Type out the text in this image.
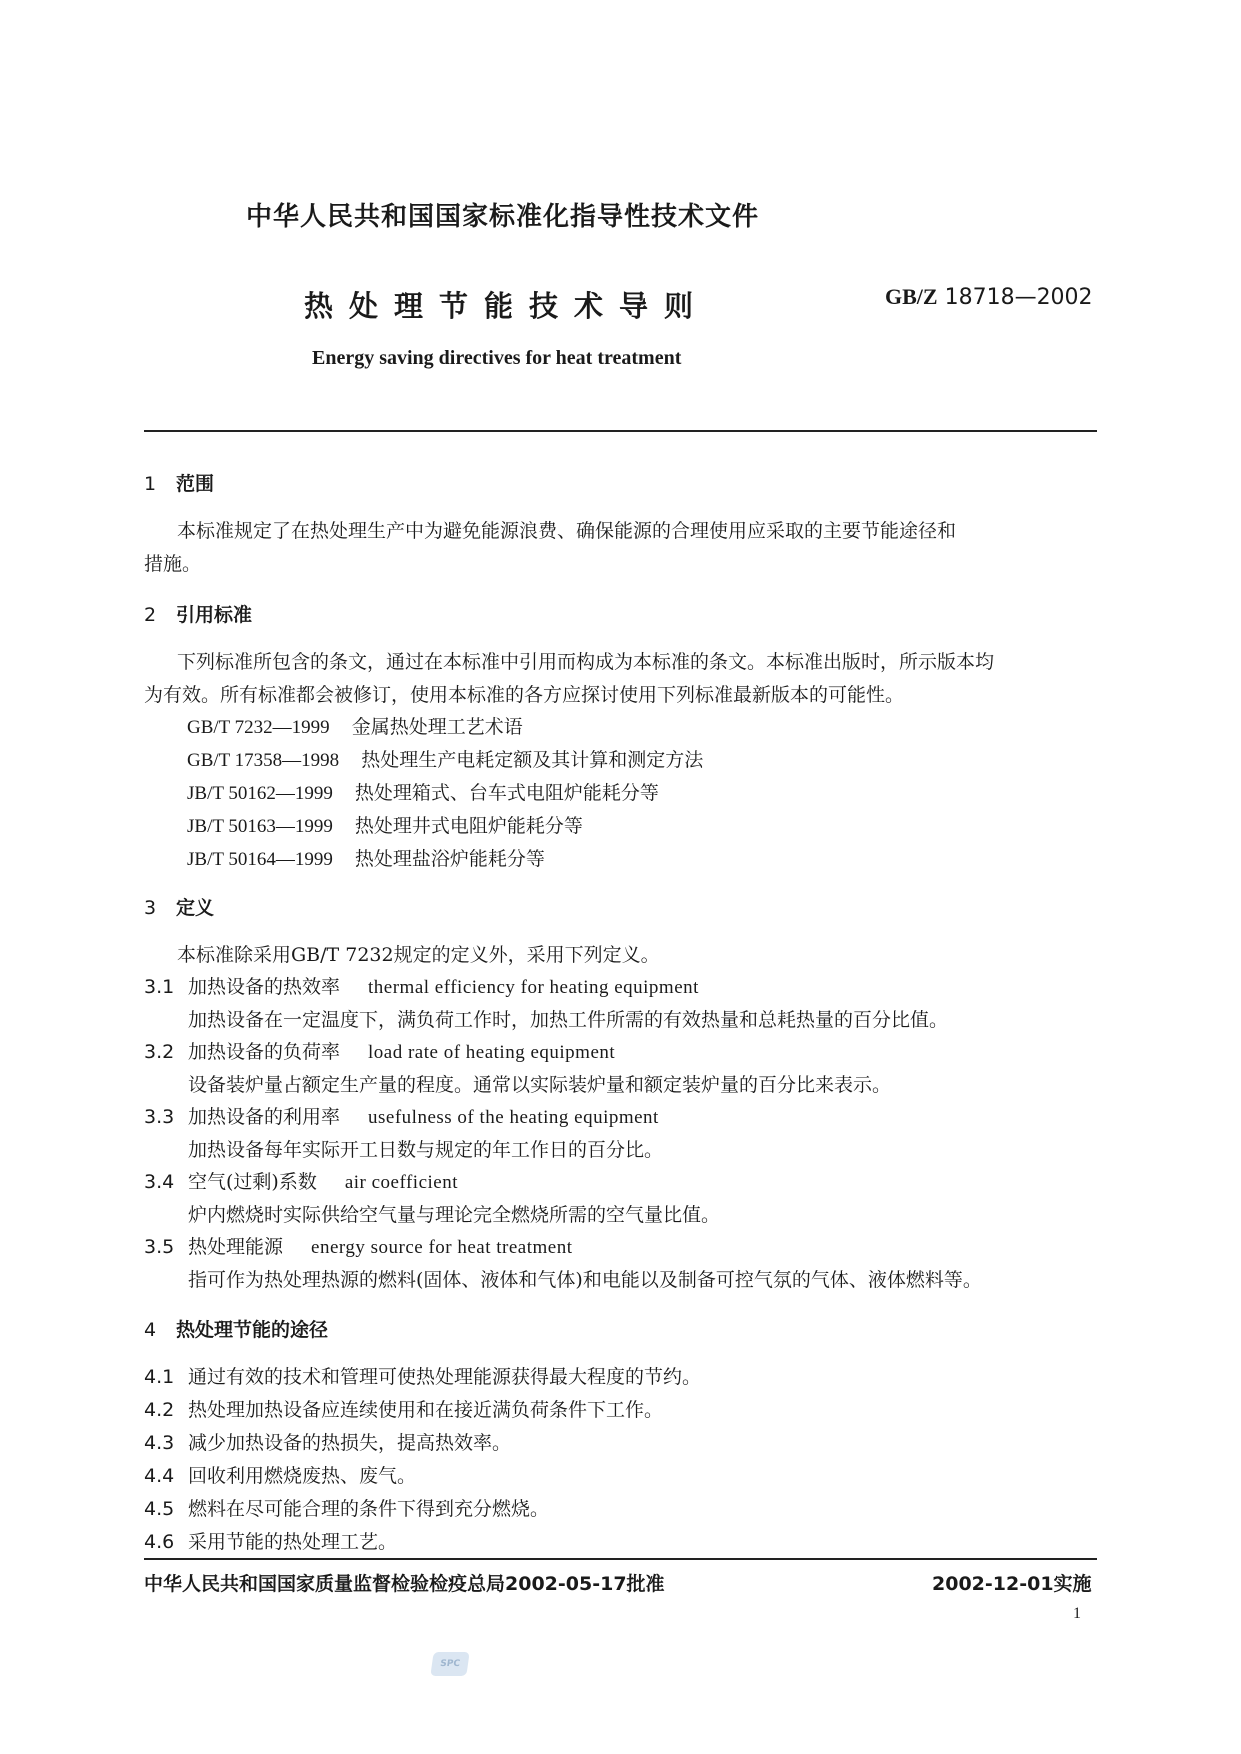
中华人民共和国国家标准化指导性技术文件
热处理节能技术导则	GB/Z 18718—2002
Energy saving directives for heat treatment
1 范围
本标准规定了在热处理生产中为避免能源浪费、确保能源的合理使用应采取的主要节能途径和
措施。
2 引用标准
下列标准所包含的条文，通过在本标准中引用而构成为本标准的条文。本标准出版时，所示版本均
为有效。所有标准都会被修订，使用本标准的各方应探讨使用下列标准最新版本的可能性。
GB/T 7232—1999 金属热处理工艺术语
GB/T 17358—1998 热处理生产电耗定额及其计算和测定方法
JB/T 50162—1999 热处理箱式、台车式电阻炉能耗分等
JB/T 50163—1999 热处理井式电阻炉能耗分等
JB/T 50164—1999 热处理盐浴炉能耗分等
3 定义
本标准除采用GB/T 7232规定的定义外，采用下列定义。
3.1 加热设备的热效率 thermal efficiency for heating equipment
加热设备在一定温度下，满负荷工作时，加热工件所需的有效热量和总耗热量的百分比值。
3.2 加热设备的负荷率 load rate of heating equipment
设备装炉量占额定生产量的程度。通常以实际装炉量和额定装炉量的百分比来表示。
3.3 加热设备的利用率 usefulness of the heating equipment
加热设备每年实际开工日数与规定的年工作日的百分比。
3.4 空气(过剩)系数 air coefficient
炉内燃烧时实际供给空气量与理论完全燃烧所需的空气量比值。
3.5 热处理能源 energy source for heat treatment
指可作为热处理热源的燃料(固体、液体和气体)和电能以及制备可控气氛的气体、液体燃料等。
4 热处理节能的途径
4.1 通过有效的技术和管理可使热处理能源获得最大程度的节约。
4.2 热处理加热设备应连续使用和在接近满负荷条件下工作。
4.3 减少加热设备的热损失，提高热效率。
4.4 回收利用燃烧废热、废气。
4.5 燃料在尽可能合理的条件下得到充分燃烧。
4.6 采用节能的热处理工艺。
中华人民共和国国家质量监督检验检疫总局2002-05-17批准	2002-12-01实施
1
SPC
